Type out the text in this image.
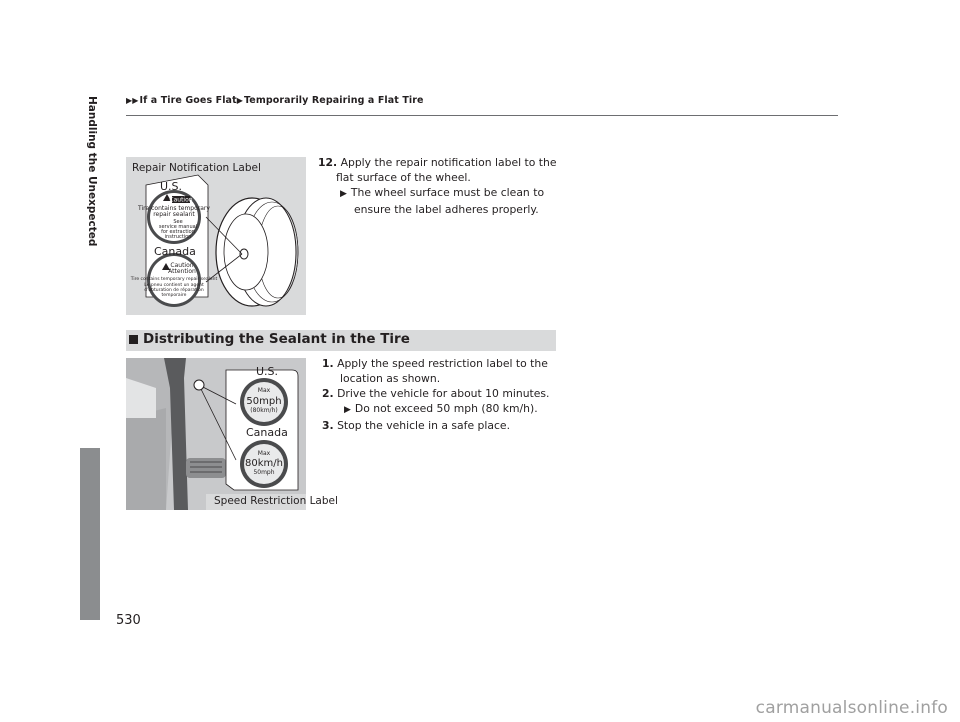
▶▶If a Tire Goes Flat▶Temporarily Repairing a Flat Tire
Handling the Unexpected
530
Repair Notification Label
Caution
Tire contains temporary
repair sealant
See
service manual
for extraction
instruction
Caution
Attention
Tire contains temporary repair sealant
Le pneu contient un agent
d'obturation de réparation
temporaire
U.S.
Canada
12. Apply the repair notification label to the
flat surface of the wheel.
▶ The wheel surface must be clean to
ensure the label adheres properly.
Distributing the Sealant in the Tire
Max
50mph
(80km/h)
Max
80km/h
50mph
U.S.
Canada
Speed Restriction Label
1. Apply the speed restriction label to the
location as shown.
2. Drive the vehicle for about 10 minutes.
▶ Do not exceed 50 mph (80 km/h).
3. Stop the vehicle in a safe place.
carmanualsonline.info
